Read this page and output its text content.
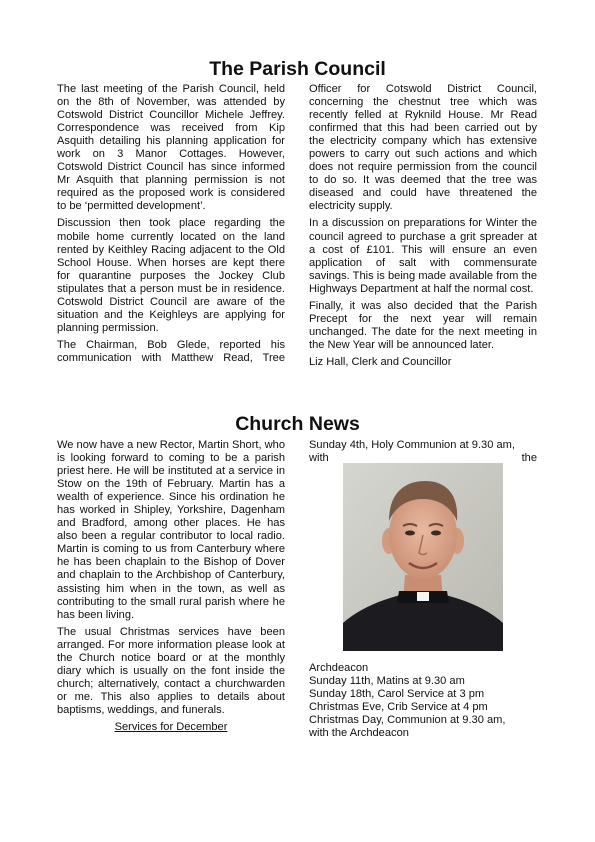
The Parish Council

The last meeting of the Parish Council, held on the 8th of November, was attended by Cotswold District Councillor Michele Jeffrey. Correspondence was received from Kip Asquith detailing his planning application for work on 3 Manor Cottages. However, Cotswold District Council has since informed Mr Asquith that planning permission is not required as the proposed work is considered to be ‘permitted development’.

Discussion then took place regarding the mobile home currently located on the land rented by Keithley Racing adjacent to the Old School House. When horses are kept there for quarantine purposes the Jockey Club stipulates that a person must be in residence. Cotswold District Council are aware of the situation and the Keighleys are applying for planning permission.

The Chairman, Bob Glede, reported his communication with Matthew Read, Tree

Officer for Cotswold District Council, concerning the chestnut tree which was recently felled at Ryknild House. Mr Read confirmed that this had been carried out by the electricity company which has extensive powers to carry out such actions and which does not require permission from the council to do so. It was deemed that the tree was diseased and could have threatened the electricity supply.

In a discussion on preparations for Winter the council agreed to purchase a grit spreader at a cost of £101. This will ensure an even application of salt with commensurate savings. This is being made available from the Highways Department at half the normal cost.

Finally, it was also decided that the Parish Precept for the next year will remain unchanged. The date for the next meeting in the New Year will be announced later.

Liz Hall, Clerk and Councillor

Church News

We now have a new Rector, Martin Short, who is looking forward to coming to be a parish priest here. He will be instituted at a service in Stow on the 19th of February. Martin has a wealth of experience. Since his ordination he has worked in Shipley, Yorkshire, Dagenham and Bradford, among other places. He has also been a regular contributor to local radio. Martin is coming to us from Canterbury where he has been chaplain to the Bishop of Dover and chaplain to the Archbishop of Canterbury, assisting him when in the town, as well as contributing to the small rural parish where he has been living.

The usual Christmas services have been arranged. For more information please look at the Church notice board or at the monthly diary which is usually on the font inside the church; alternatively, contact a churchwarden or me. This also applies to details about baptisms, weddings, and funerals.

Services for December
Sunday 4th, Holy Communion at 9.30 am,
with	the
Archdeacon
Sunday 11th, Matins at 9.30 am
Sunday 18th, Carol Service at 3 pm
Christmas Eve, Crib Service at 4 pm
Christmas Day, Communion at 9.30 am,
with the Archdeacon
